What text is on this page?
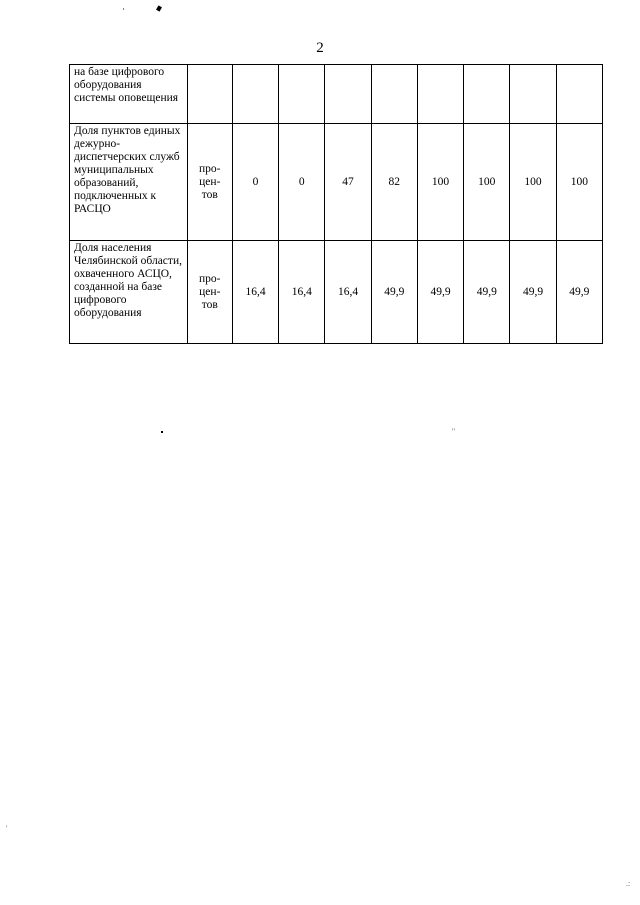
2
на базе цифрового оборудования системы оповещения									
Доля пунктов единых дежурно-диспетчерских служб муниципальных образований, подключенных к РАСЦО	про-
цен-
тов	0	0	47	82	100	100	100	100
Доля населения Челябинской области, охваченного АСЦО, созданной на базе цифрового оборудования	про-
цен-
тов	16,4	16,4	16,4	49,9	49,9	49,9	49,9	49,9
''
'
.:
